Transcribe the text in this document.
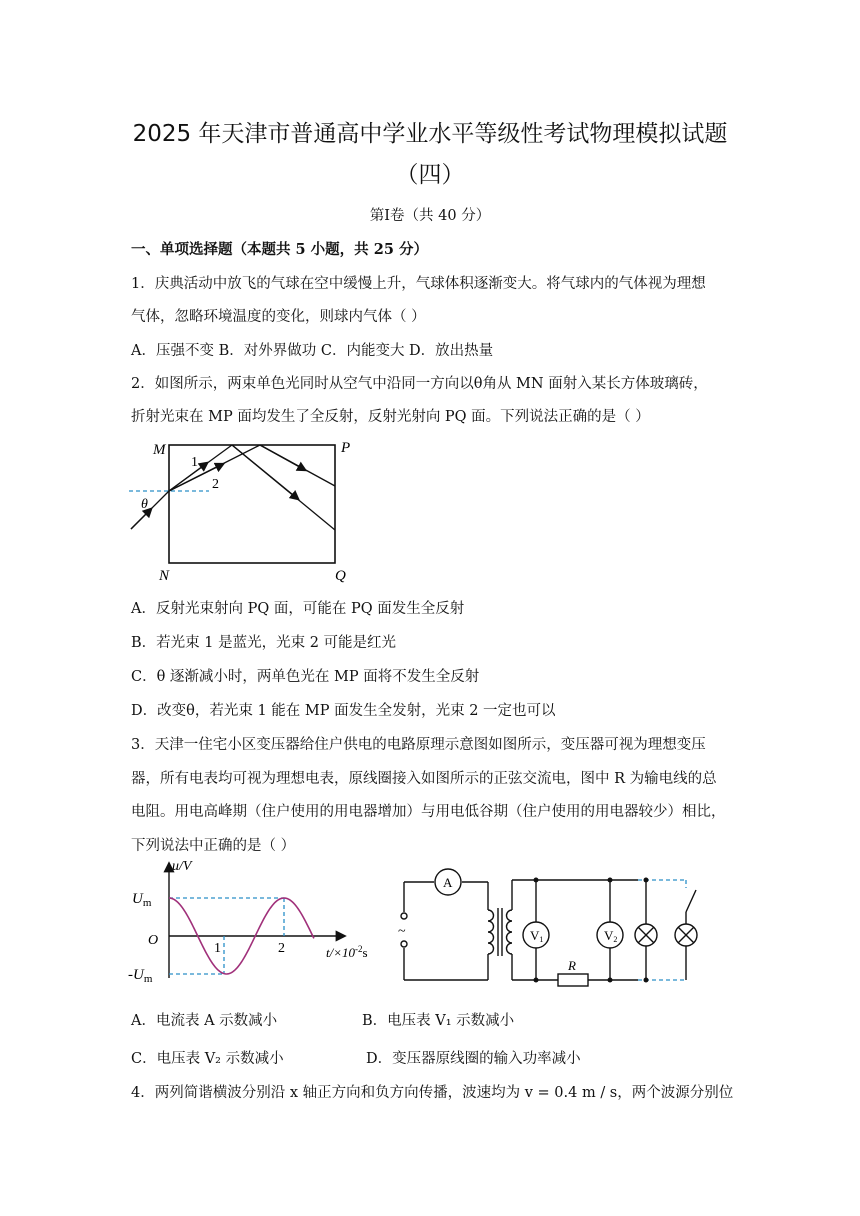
2025 年天津市普通高中学业水平等级性考试物理模拟试题
（四）
第Ⅰ卷（共 40 分）
一、单项选择题（本题共 5 小题，共 25 分）
1．庆典活动中放飞的气球在空中缓慢上升，气球体积逐渐变大。将气球内的气体视为理想
气体，忽略环境温度的变化，则球内气体（ ）
A．压强不变 B．对外界做功 C．内能变大 D．放出热量
2．如图所示，两束单色光同时从空气中沿同一方向以θ角从 MN 面射入某长方体玻璃砖，
折射光束在 MP 面均发生了全反射，反射光射向 PQ 面。下列说法正确的是（ ）
M	P
N	Q
1
2
θ
A．反射光束射向 PQ 面，可能在 PQ 面发生全反射
B．若光束 1 是蓝光，光束 2 可能是红光
C．θ 逐渐减小时，两单色光在 MP 面将不发生全反射
D．改变θ，若光束 1 能在 MP 面发生全发射，光束 2 一定也可以
3．天津一住宅小区变压器给住户供电的电路原理示意图如图所示，变压器可视为理想变压
器，所有电表均可视为理想电表，原线圈接入如图所示的正弦交流电，图中 R 为输电线的总
电阻。用电高峰期（住户使用的用电器增加）与用电低谷期（住户使用的用电器较少）相比，
下列说法中正确的是（ ）
u/V
$U_m$
$-U_m$
O
1	2	$t/\times 10^{-2}s$
A
~	V1	V2
R
A．电流表 A 示数减小	B．电压表 V₁ 示数减小
C．电压表 V₂ 示数减小	D．变压器原线圈的输入功率减小
4．两列简谐横波分别沿 x 轴正方向和负方向传播，波速均为 v = 0.4 m / s，两个波源分别位
